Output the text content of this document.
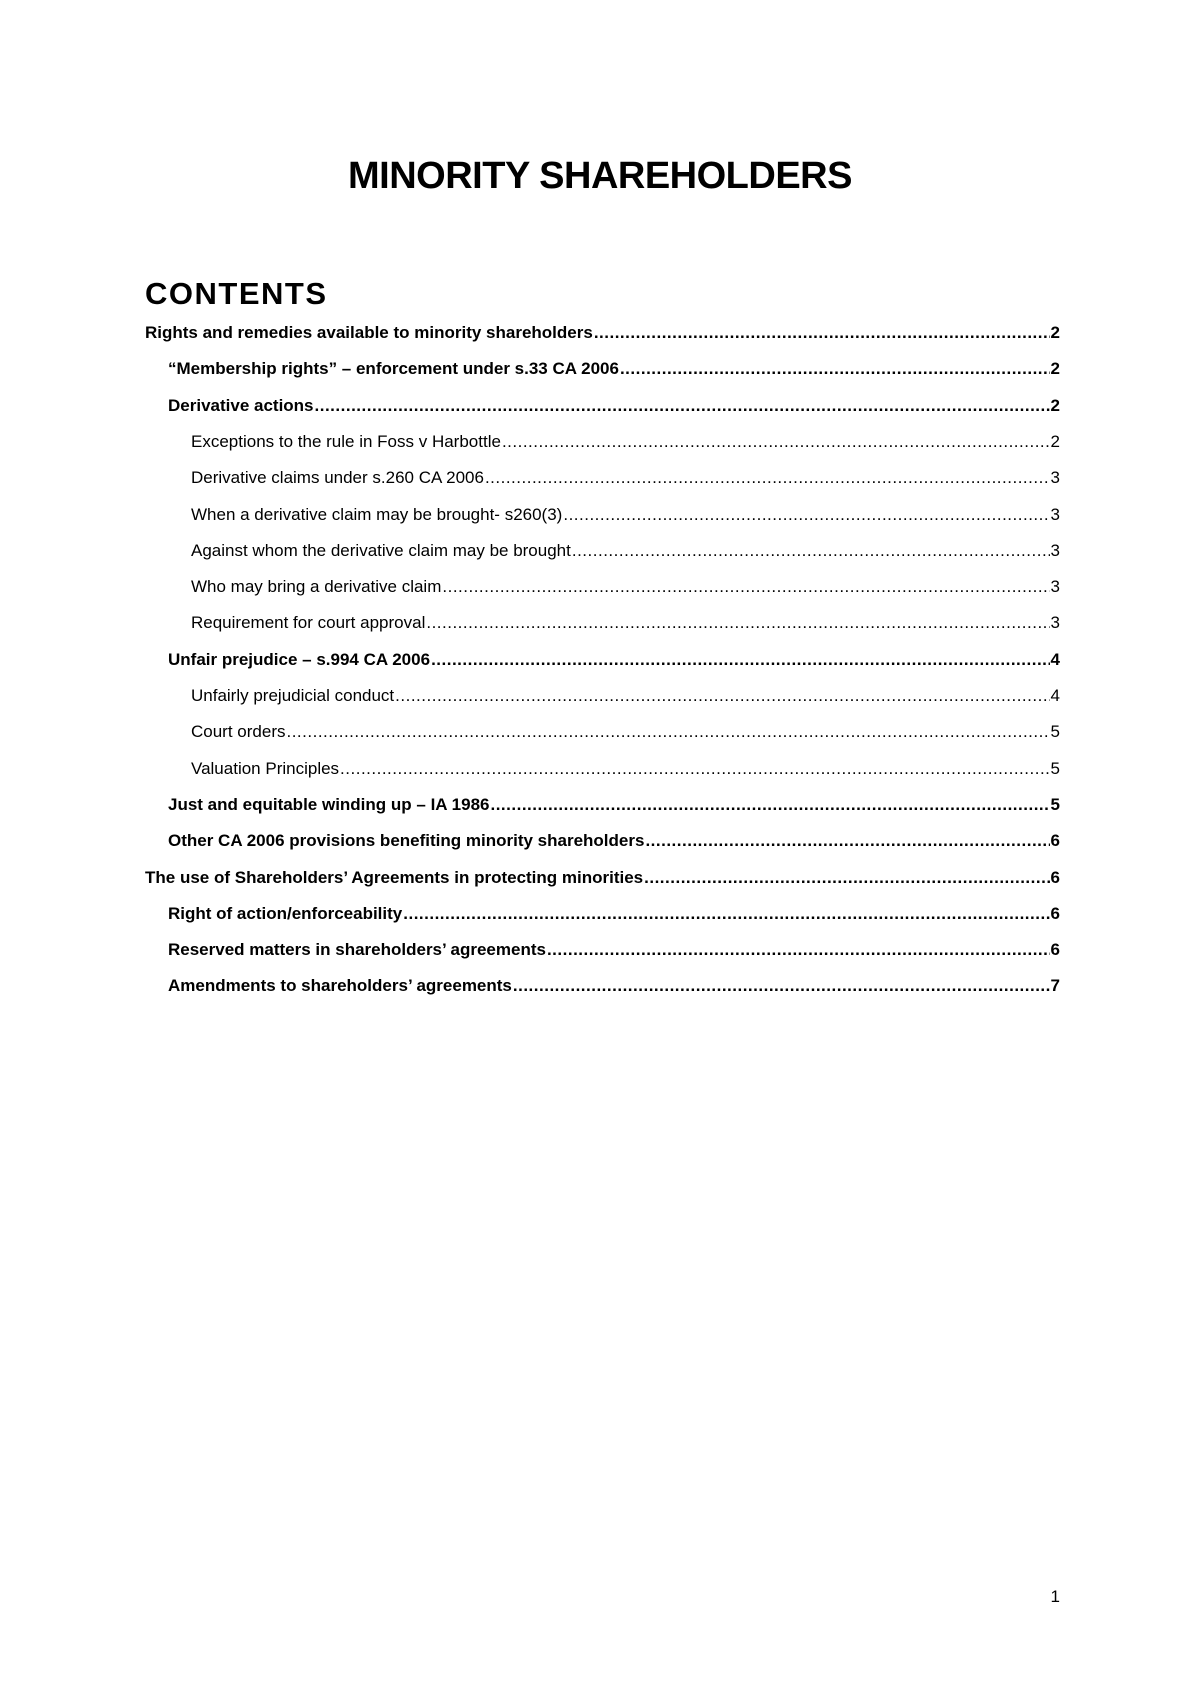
MINORITY SHAREHOLDERS
CONTENTS
Rights and remedies available to minority shareholders .....	2
“Membership rights” – enforcement under s.33 CA 2006 .....	2
Derivative actions .....	2
Exceptions to the rule in Foss v Harbottle .....	2
Derivative claims under s.260 CA 2006 .....	3
When a derivative claim may be brought- s260(3) .....	3
Against whom the derivative claim may be brought .....	3
Who may bring a derivative claim .....	3
Requirement for court approval .....	3
Unfair prejudice – s.994 CA 2006 .....	4
Unfairly prejudicial conduct .....	4
Court orders .....	5
Valuation Principles .....	5
Just and equitable winding up – IA 1986 .....	5
Other CA 2006 provisions benefiting minority shareholders .....	6
The use of Shareholders’ Agreements in protecting minorities .....	6
Right of action/enforceability .....	6
Reserved matters in shareholders’ agreements .....	6
Amendments to shareholders’ agreements .....	7
1
